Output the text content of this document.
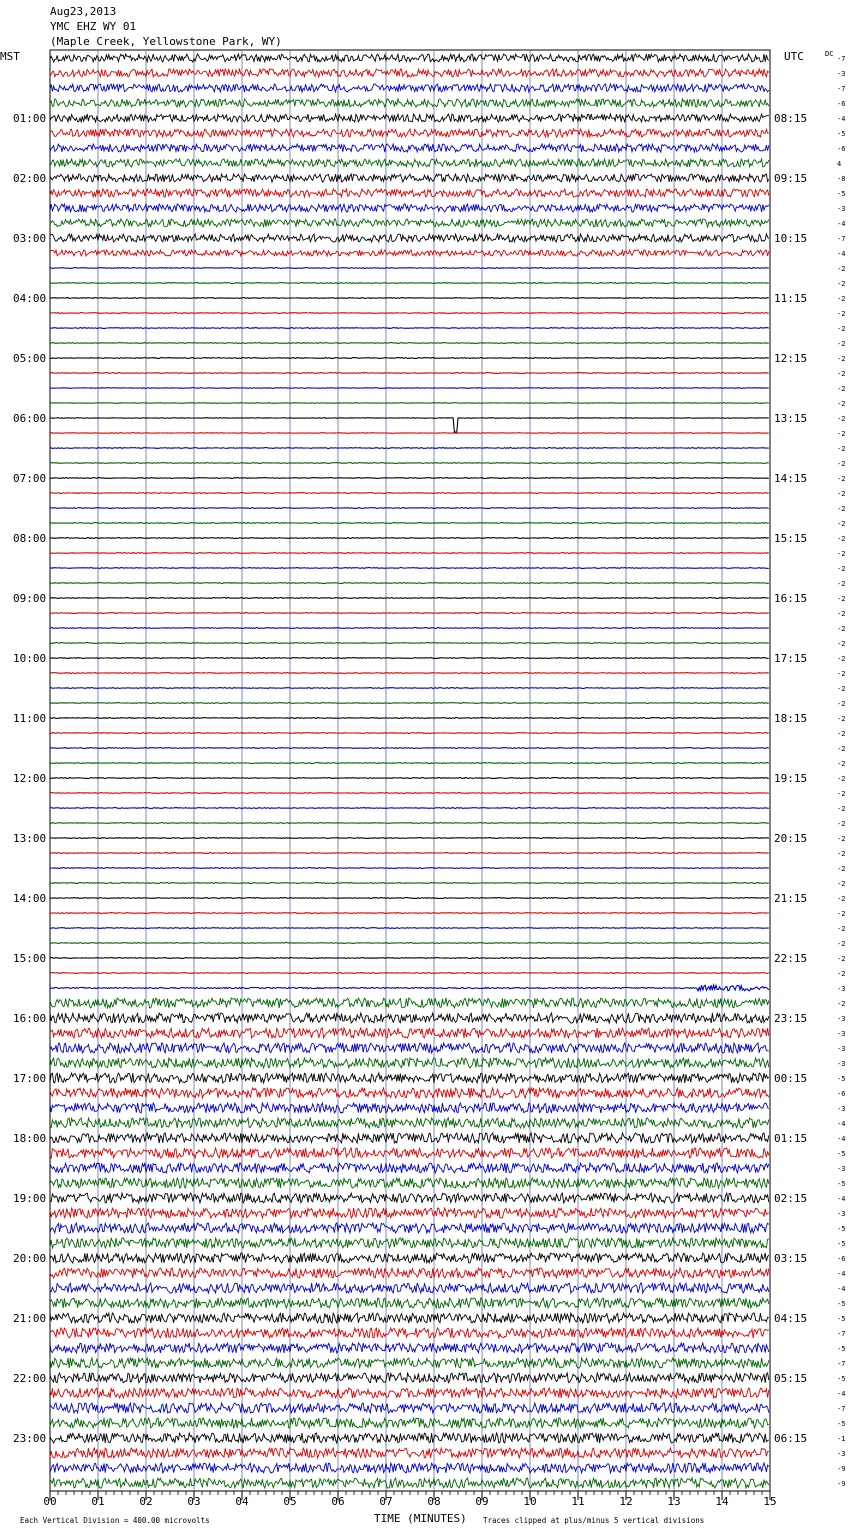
Aug23,2013
YMC EHZ WY 01
(Maple Creek, Yellowstone Park, WY)
01:00
02:00
03:00
04:00
05:00
06:00
07:00
08:00
09:00
10:00
11:00
12:00
13:00
14:00
15:00
16:00
17:00
18:00
19:00
20:00
21:00
22:00
23:00
08:15
09:15
10:15
11:15
12:15
13:15
14:15
15:15
16:15
17:15
18:15
19:15
20:15
21:15
22:15
23:15
00:15
01:15
02:15
03:15
04:15
05:15
06:15
-7
-3
-7
-6
-4
-5
-6
4
-8
-5
-3
-4
-7
-4
-2
-2
-2
-2
-2
-2
-2
-2
-2
-2
-2
-2
-2
-2
-2
-2
-2
-2
-2
-2
-2
-2
-2
-2
-2
-2
-2
-2
-2
-2
-2
-2
-2
-2
-2
-2
-2
-2
-2
-2
-2
-2
-2
-2
-2
-2
-2
-2
-3
-2
-3
-3
-3
-3
-5
-6
-3
-4
-4
-5
-3
-5
-4
-3
-5
-5
-6
-4
-4
-5
-5
-7
-5
-7
-5
-4
-7
-5
-1
-3
-9
-9
00	01	02	03	04	05	06	07	08	09	10	11	12	13	14	15
MST	UTC	DC
Each Vertical Division = 400.00 microvolts	TIME (MINUTES) Traces clipped at plus/minus 5 vertical divisions
